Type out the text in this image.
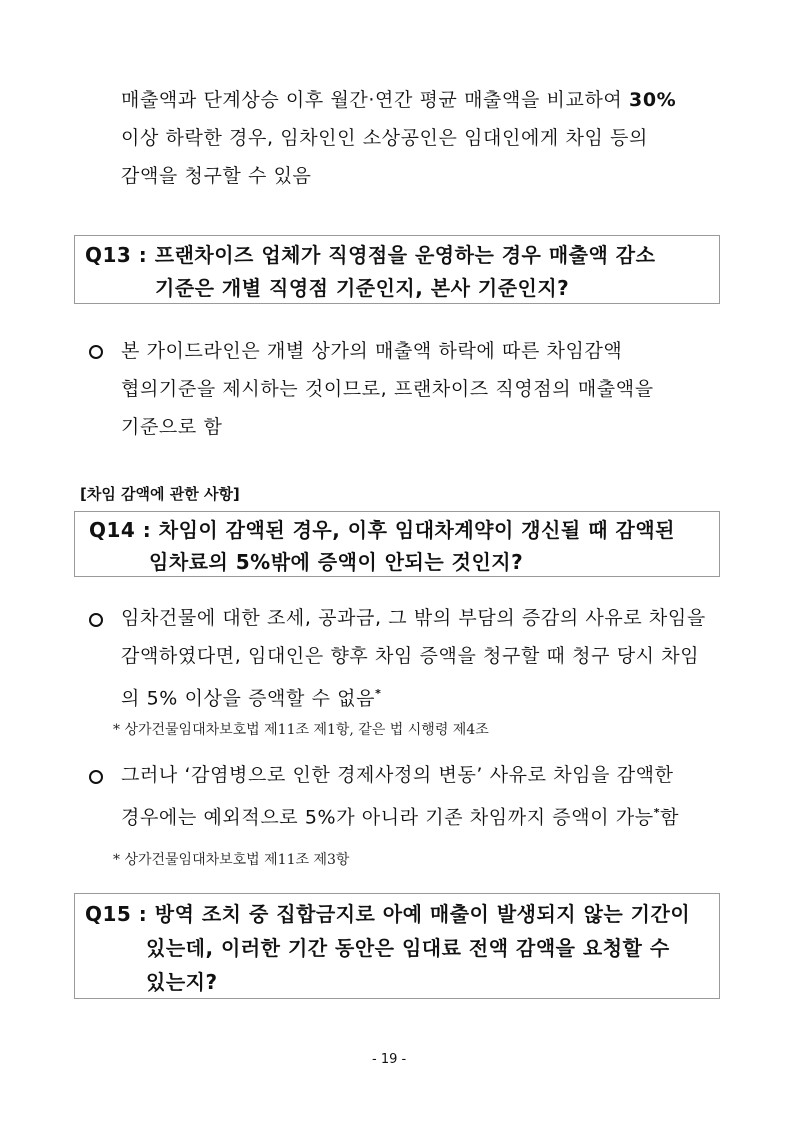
매출액과 단계상승 이후 월간‧연간 평균 매출액을 비교하여 30%
이상 하락한 경우, 임차인인 소상공인은 임대인에게 차임 등의
감액을 청구할 수 있음
Q13 : 프랜차이즈 업체가 직영점을 운영하는 경우 매출액 감소
기준은 개별 직영점 기준인지, 본사 기준인지?
본 가이드라인은 개별 상가의 매출액 하락에 따른 차임감액
협의기준을 제시하는 것이므로, 프랜차이즈 직영점의 매출액을
기준으로 함
[차임 감액에 관한 사항]
Q14 : 차임이 감액된 경우, 이후 임대차계약이 갱신될 때 감액된
임차료의 5%밖에 증액이 안되는 것인지?
임차건물에 대한 조세, 공과금, 그 밖의 부담의 증감의 사유로 차임을
감액하였다면, 임대인은 향후 차임 증액을 청구할 때 청구 당시 차임
의 5% 이상을 증액할 수 없음*
* 상가건물임대차보호법 제11조 제1항, 같은 법 시행령 제4조
그러나 ‘감염병으로 인한 경제사정의 변동’ 사유로 차임을 감액한
경우에는 예외적으로 5%가 아니라 기존 차임까지 증액이 가능*함
* 상가건물임대차보호법 제11조 제3항
Q15 : 방역 조치 중 집합금지로 아예 매출이 발생되지 않는 기간이
있는데, 이러한 기간 동안은 임대료 전액 감액을 요청할 수
있는지?
- 19 -
